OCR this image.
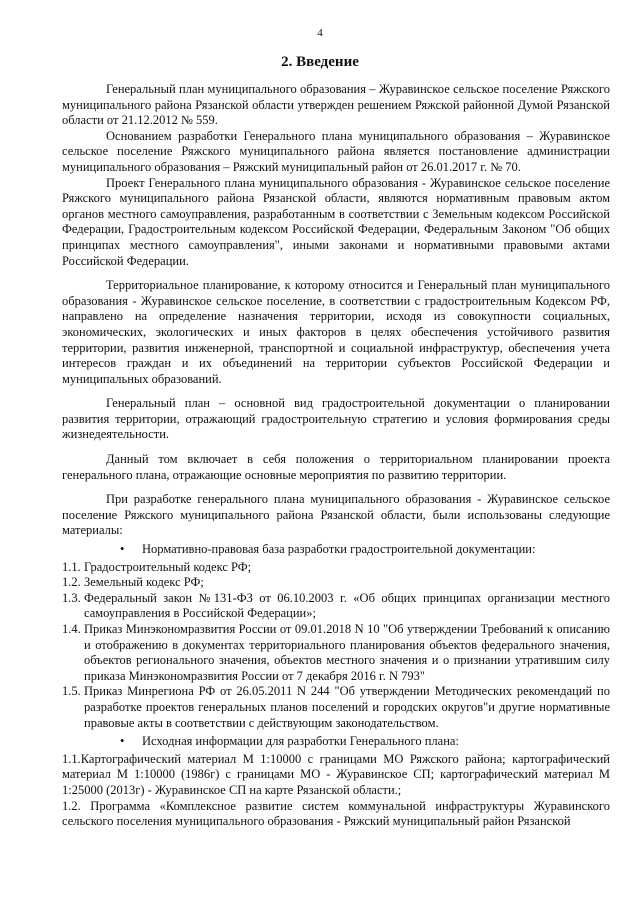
4
2. Введение

Генеральный план муниципального образования – Журавинское сельское поселение Ряжского муниципального района Рязанской области утвержден решением Ряжской районной Думой Рязанской области от 21.12.2012 № 559.

Основанием разработки Генерального плана муниципального образования – Журавинское сельское поселение Ряжского муниципального района является постановление администрации муниципального образования – Ряжский муниципальный район от 26.01.2017 г. № 70.

Проект Генерального плана муниципального образования - Журавинское сельское поселение Ряжского муниципального района Рязанской области, являются нормативным правовым актом органов местного самоуправления, разработанным в соответствии с Земельным кодексом Российской Федерации, Градостроительным кодексом Российской Федерации, Федеральным Законом "Об общих принципах местного самоуправления", иными законами и нормативными правовыми актами Российской Федерации.

Территориальное планирование, к которому относится и Генеральный план муниципального образования - Журавинское сельское поселение, в соответствии с градостроительным Кодексом РФ, направлено на определение назначения территории, исходя из совокупности социальных, экономических, экологических и иных факторов в целях обеспечения устойчивого развития территории, развития инженерной, транспортной и социальной инфраструктур, обеспечения учета интересов граждан и их объединений на территории субъектов Российской Федерации и муниципальных образований.

Генеральный план – основной вид градостроительной документации о планировании развития территории, отражающий градостроительную стратегию и условия формирования среды жизнедеятельности.

Данный том включает в себя положения о территориальном планировании проекта генерального плана, отражающие основные мероприятия по развитию территории.

При разработке генерального плана муниципального образования - Журавинское сельское поселение Ряжского муниципального района Рязанской области, были использованы следующие материалы:

• Нормативно-правовая база разработки градостроительной документации:
1.1. Градостроительный кодекс РФ;
1.2. Земельный кодекс РФ;
1.3. Федеральный закон №131-ФЗ от 06.10.2003 г. «Об общих принципах организации местного самоуправления в Российской Федерации»;
1.4. Приказ Минэкономразвития России от 09.01.2018 N 10 "Об утверждении Требований к описанию и отображению в документах территориального планирования объектов федерального значения, объектов регионального значения, объектов местного значения и о признании утратившим силу приказа Минэкономразвития России от 7 декабря 2016 г. N 793"
1.5. Приказ Минрегиона РФ от 26.05.2011 N 244 "Об утверждении Методических рекомендаций по разработке проектов генеральных планов поселений и городских округов"и другие нормативные правовые акты в соответствии с действующим законодательством.
• Исходная информации для разработки Генерального плана:

1.1.Картографический материал М 1:10000 с границами МО Ряжского района; картографический материал М 1:10000 (1986г) с границами МО - Журавинское СП; картографический материал М 1:25000 (2013г) - Журавинское СП на карте Рязанской области.;

1.2. Программа «Комплексное развитие систем коммунальной инфраструктуры Журавинского сельского поселения муниципального образования - Ряжский муниципальный район Рязанской
